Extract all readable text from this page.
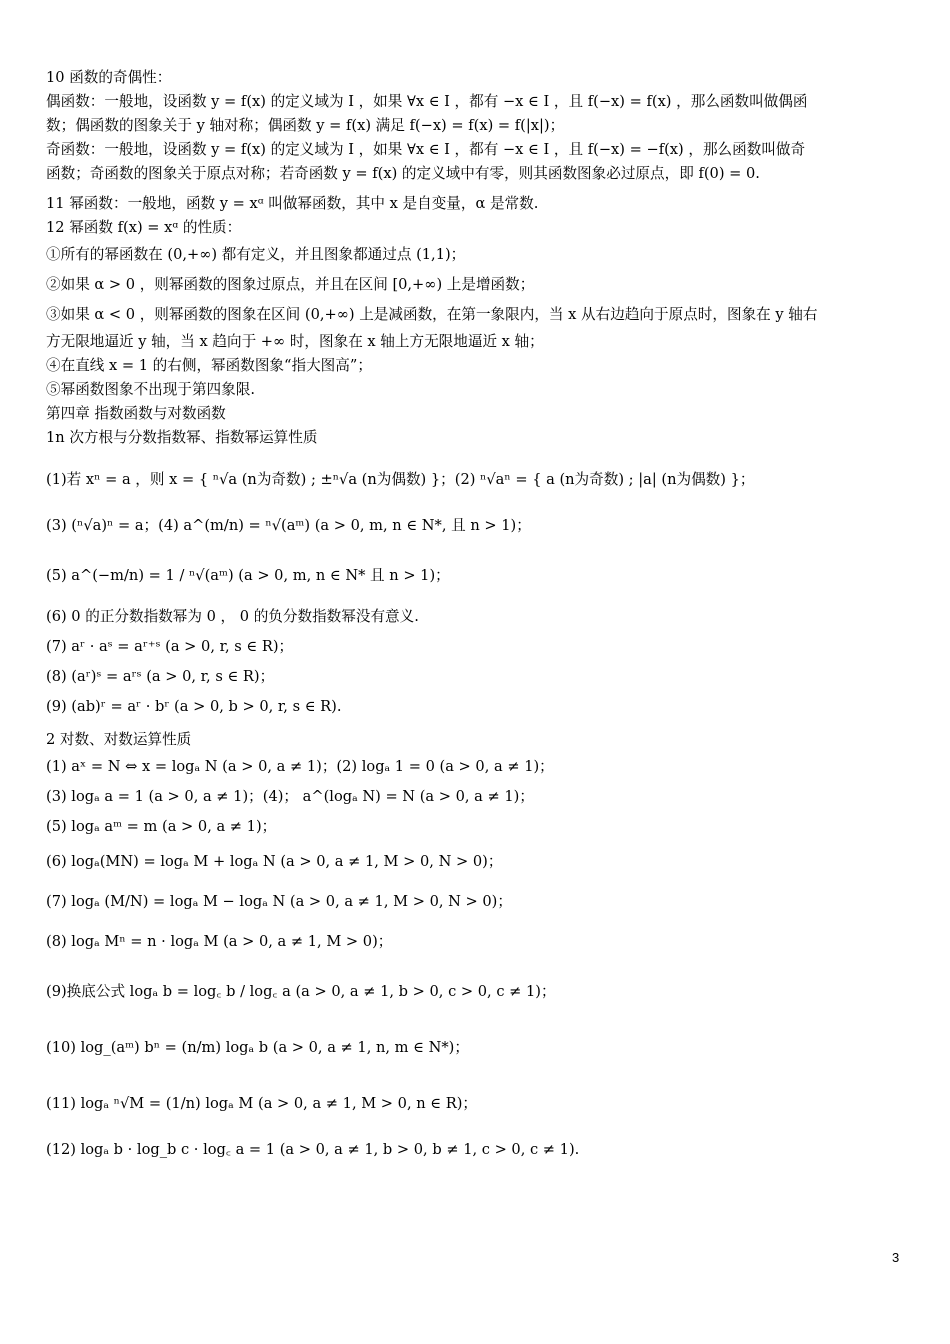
10 函数的奇偶性：
偶函数：一般地，设函数 y = f(x) 的定义域为 I ，如果 ∀x ∈ I ，都有 −x ∈ I ，且 f(−x) = f(x) ，那么函数叫做偶函
数；偶函数的图象关于 y 轴对称；偶函数 y = f(x) 满足 f(−x) = f(x) = f(|x|)；
奇函数：一般地，设函数 y = f(x) 的定义域为 I ，如果 ∀x ∈ I ，都有 −x ∈ I ，且 f(−x) = −f(x) ，那么函数叫做奇
函数；奇函数的图象关于原点对称；若奇函数 y = f(x) 的定义域中有零，则其函数图象必过原点，即 f(0) = 0.
11 幂函数：一般地，函数 y = xᵅ 叫做幂函数，其中 x 是自变量，α 是常数.
12 幂函数 f(x) = xᵅ 的性质：
①所有的幂函数在 (0,+∞) 都有定义，并且图象都通过点 (1,1)；
②如果 α > 0 ，则幂函数的图象过原点，并且在区间 [0,+∞) 上是增函数；
③如果 α < 0 ，则幂函数的图象在区间 (0,+∞) 上是减函数，在第一象限内，当 x 从右边趋向于原点时，图象在 y 轴右
方无限地逼近 y 轴，当 x 趋向于 +∞ 时，图象在 x 轴上方无限地逼近 x 轴；
④在直线 x = 1 的右侧，幂函数图象“指大图高”；
⑤幂函数图象不出现于第四象限.
第四章 指数函数与对数函数
1n 次方根与分数指数幂、指数幂运算性质
(1)若 xⁿ = a ，则 x = { ⁿ√a (n为奇数) ; ±ⁿ√a (n为偶数) }；(2) ⁿ√aⁿ = { a (n为奇数) ; |a| (n为偶数) }；
(3) (ⁿ√a)ⁿ = a；(4) a^(m/n) = ⁿ√(aᵐ) (a > 0, m, n ∈ N*, 且 n > 1)；
(5) a^(−m/n) = 1 / ⁿ√(aᵐ) (a > 0, m, n ∈ N* 且 n > 1)；
(6) 0 的正分数指数幂为 0 ， 0 的负分数指数幂没有意义.
(7) aʳ · aˢ = aʳ⁺ˢ (a > 0, r, s ∈ R)；
(8) (aʳ)ˢ = aʳˢ (a > 0, r, s ∈ R)；
(9) (ab)ʳ = aʳ · bʳ (a > 0, b > 0, r, s ∈ R).
2 对数、对数运算性质
(1) aˣ = N ⇔ x = logₐ N (a > 0, a ≠ 1)；(2) logₐ 1 = 0 (a > 0, a ≠ 1)；
(3) logₐ a = 1 (a > 0, a ≠ 1)；(4)； a^(logₐ N) = N (a > 0, a ≠ 1)；
(5) logₐ aᵐ = m (a > 0, a ≠ 1)；
(6) logₐ(MN) = logₐ M + logₐ N (a > 0, a ≠ 1, M > 0, N > 0)；
(7) logₐ (M/N) = logₐ M − logₐ N (a > 0, a ≠ 1, M > 0, N > 0)；
(8) logₐ Mⁿ = n · logₐ M (a > 0, a ≠ 1, M > 0)；
(9)换底公式 logₐ b = log꜀ b / log꜀ a (a > 0, a ≠ 1, b > 0, c > 0, c ≠ 1)；
(10) log_(aᵐ) bⁿ = (n/m) logₐ b (a > 0, a ≠ 1, n, m ∈ N*)；
(11) logₐ ⁿ√M = (1/n) logₐ M (a > 0, a ≠ 1, M > 0, n ∈ R)；
(12) logₐ b · log_b c · log꜀ a = 1 (a > 0, a ≠ 1, b > 0, b ≠ 1, c > 0, c ≠ 1).
3
